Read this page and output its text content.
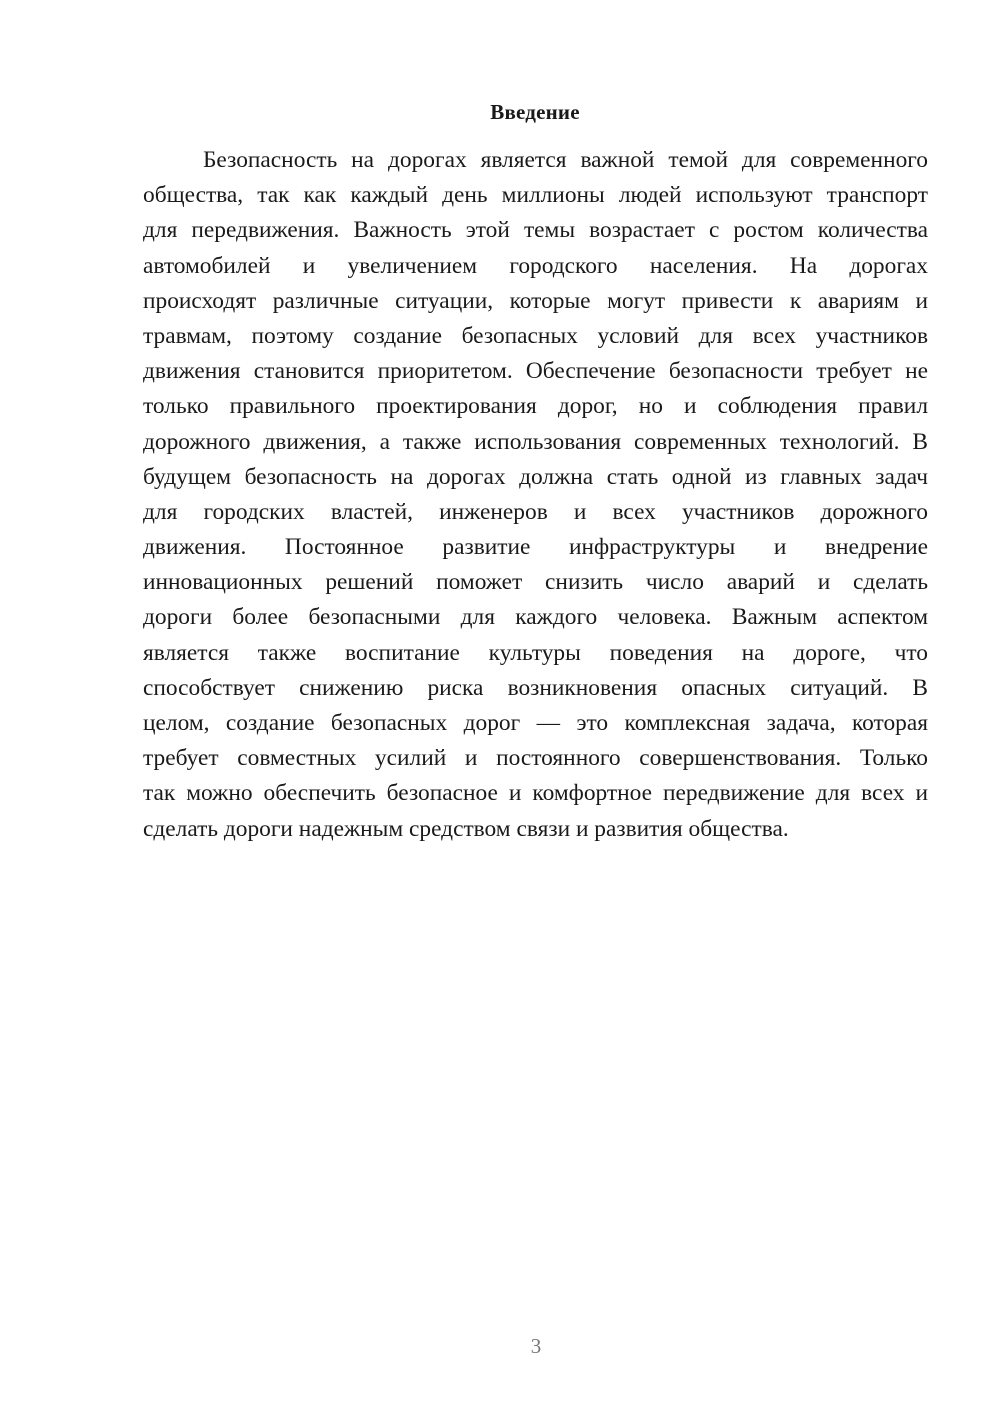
Введение
Безопасность на дорогах является важной темой для современного
общества, так как каждый день миллионы людей используют транспорт
для передвижения. Важность этой темы возрастает с ростом количества
автомобилей и увеличением городского населения. На дорогах
происходят различные ситуации, которые могут привести к авариям и
травмам, поэтому создание безопасных условий для всех участников
движения становится приоритетом. Обеспечение безопасности требует не
только правильного проектирования дорог, но и соблюдения правил
дорожного движения, а также использования современных технологий. В
будущем безопасность на дорогах должна стать одной из главных задач
для городских властей, инженеров и всех участников дорожного
движения. Постоянное развитие инфраструктуры и внедрение
инновационных решений поможет снизить число аварий и сделать
дороги более безопасными для каждого человека. Важным аспектом
является также воспитание культуры поведения на дороге, что
способствует снижению риска возникновения опасных ситуаций. В
целом, создание безопасных дорог — это комплексная задача, которая
требует совместных усилий и постоянного совершенствования. Только
так можно обеспечить безопасное и комфортное передвижение для всех и
сделать дороги надежным средством связи и развития общества.
3
